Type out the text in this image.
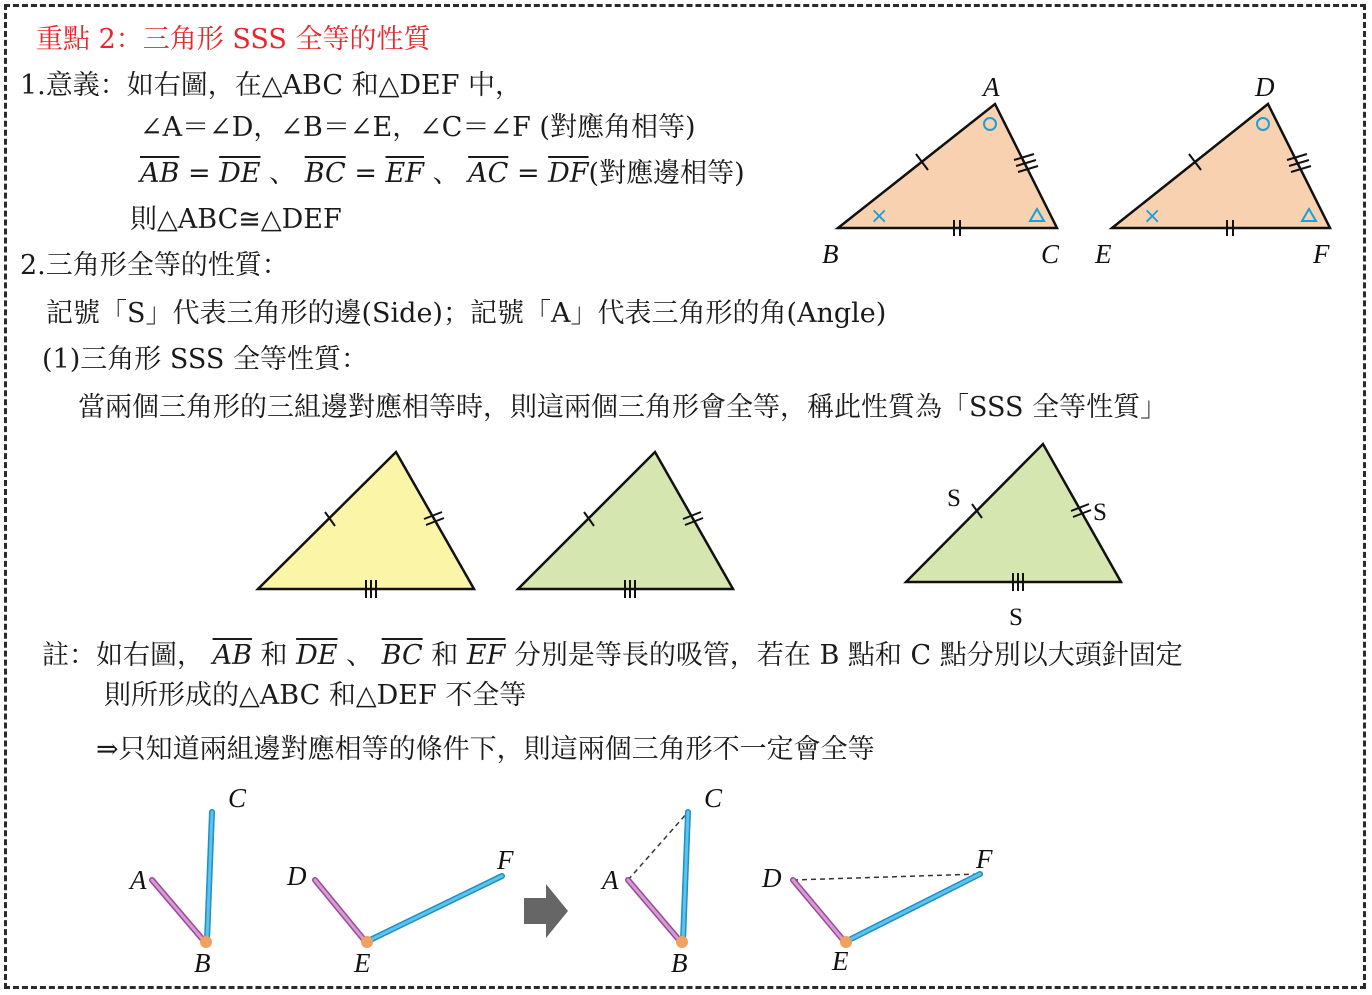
重點 2：三角形 SSS 全等的性質
1.意義：如右圖，在△ABC 和△DEF 中，
∠A＝∠D，∠B＝∠E，∠C＝∠F (對應角相等)
$\overline{AB} = \overline{DE}$ 、 $\overline{BC} = \overline{EF}$ 、 $\overline{AC} = \overline{DF}$(對應邊相等)
則△ABC≅△DEF
2.三角形全等的性質：
記號「S」代表三角形的邊(Side)；記號「A」代表三角形的角(Angle)
(1)三角形 SSS 全等性質：
當兩個三角形的三組邊對應相等時，則這兩個三角形會全等，稱此性質為「SSS 全等性質」
註：如右圖， $\overline{AB}$ 和 $\overline{DE}$ 、 $\overline{BC}$ 和 $\overline{EF}$ 分別是等長的吸管，若在 B 點和 C 點分別以大頭針固定
則所形成的△ABC 和△DEF 不全等
⇒只知道兩組邊對應相等的條件下，則這兩個三角形不一定會全等
×
A
B	C
×
D
E	F
S
S
S
C
A
B
D
F
E
C
A
B
D
F
E
